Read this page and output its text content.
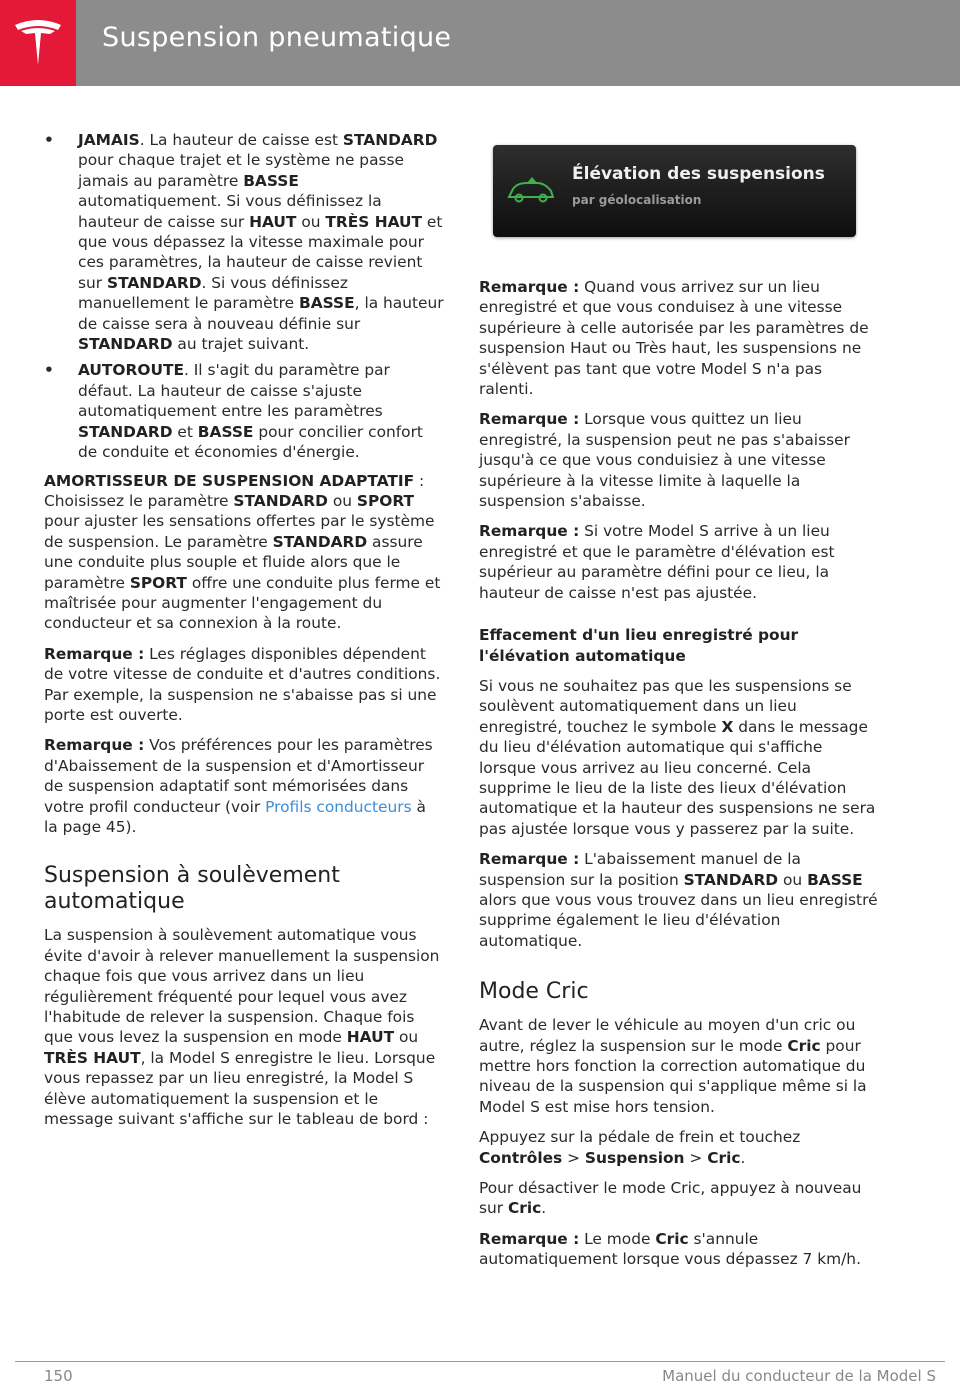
Suspension pneumatique
• JAMAIS. La hauteur de caisse est STANDARD pour chaque trajet et le système ne passe jamais au paramètre BASSE automatiquement. Si vous définissez la hauteur de caisse sur HAUT ou TRÈS HAUT et que vous dépassez la vitesse maximale pour ces paramètres, la hauteur de caisse revient sur STANDARD. Si vous définissez manuellement le paramètre BASSE, la hauteur de caisse sera à nouveau définie sur STANDARD au trajet suivant.
• AUTOROUTE. Il s'agit du paramètre par défaut. La hauteur de caisse s'ajuste automatiquement entre les paramètres STANDARD et BASSE pour concilier confort de conduite et économies d'énergie.

AMORTISSEUR DE SUSPENSION ADAPTATIF : Choisissez le paramètre STANDARD ou SPORT pour ajuster les sensations offertes par le système de suspension. Le paramètre STANDARD assure une conduite plus souple et fluide alors que le paramètre SPORT offre une conduite plus ferme et maîtrisée pour augmenter l'engagement du conducteur et sa connexion à la route.

Remarque : Les réglages disponibles dépendent de votre vitesse de conduite et d'autres conditions. Par exemple, la suspension ne s'abaisse pas si une porte est ouverte.

Remarque : Vos préférences pour les paramètres d'Abaissement de la suspension et d'Amortisseur de suspension adaptatif sont mémorisées dans votre profil conducteur (voir Profils conducteurs à la page 45).

Suspension à soulèvement automatique

La suspension à soulèvement automatique vous évite d'avoir à relever manuellement la suspension chaque fois que vous arrivez dans un lieu régulièrement fréquenté pour lequel vous avez l'habitude de relever la suspension. Chaque fois que vous levez la suspension en mode HAUT ou TRÈS HAUT, la Model S enregistre le lieu. Lorsque vous repassez par un lieu enregistré, la Model S élève automatiquement la suspension et le message suivant s'affiche sur le tableau de bord :

Élévation des suspensions
par géolocalisation

Remarque : Quand vous arrivez sur un lieu enregistré et que vous conduisez à une vitesse supérieure à celle autorisée par les paramètres de suspension Haut ou Très haut, les suspensions ne s'élèvent pas tant que votre Model S n'a pas ralenti.

Remarque : Lorsque vous quittez un lieu enregistré, la suspension peut ne pas s'abaisser jusqu'à ce que vous conduisiez à une vitesse supérieure à la vitesse limite à laquelle la suspension s'abaisse.

Remarque : Si votre Model S arrive à un lieu enregistré et que le paramètre d'élévation est supérieur au paramètre défini pour ce lieu, la hauteur de caisse n'est pas ajustée.

Effacement d'un lieu enregistré pour l'élévation automatique

Si vous ne souhaitez pas que les suspensions se soulèvent automatiquement dans un lieu enregistré, touchez le symbole X dans le message du lieu d'élévation automatique qui s'affiche lorsque vous arrivez au lieu concerné. Cela supprime le lieu de la liste des lieux d'élévation automatique et la hauteur des suspensions ne sera pas ajustée lorsque vous y passerez par la suite.

Remarque : L'abaissement manuel de la suspension sur la position STANDARD ou BASSE alors que vous vous trouvez dans un lieu enregistré supprime également le lieu d'élévation automatique.

Mode Cric

Avant de lever le véhicule au moyen d'un cric ou autre, réglez la suspension sur le mode Cric pour mettre hors fonction la correction automatique du niveau de la suspension qui s'applique même si la Model S est mise hors tension.

Appuyez sur la pédale de frein et touchez Contrôles > Suspension > Cric.

Pour désactiver le mode Cric, appuyez à nouveau sur Cric.

Remarque : Le mode Cric s'annule automatiquement lorsque vous dépassez 7 km/h.

150	Manuel du conducteur de la Model S
